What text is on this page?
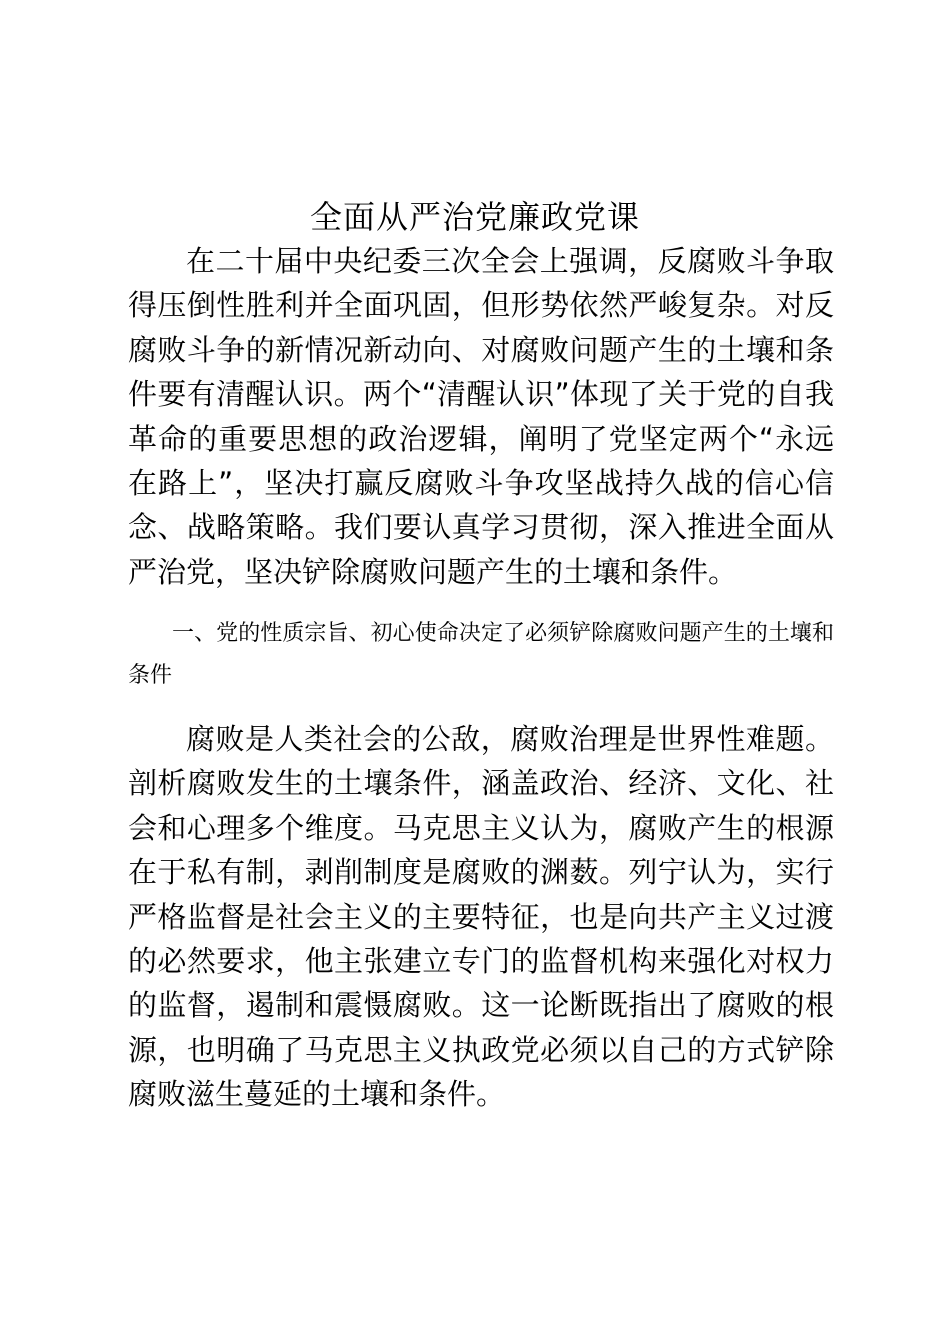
全面从严治党廉政党课

在二十届中央纪委三次全会上强调，反腐败斗争取得压倒性胜利并全面巩固，但形势依然严峻复杂。对反腐败斗争的新情况新动向、对腐败问题产生的土壤和条件要有清醒认识。两个“清醒认识”体现了关于党的自我革命的重要思想的政治逻辑，阐明了党坚定两个“永远在路上”，坚决打赢反腐败斗争攻坚战持久战的信心信念、战略策略。我们要认真学习贯彻，深入推进全面从严治党，坚决铲除腐败问题产生的土壤和条件。

一、党的性质宗旨、初心使命决定了必须铲除腐败问题产生的土壤和条件

腐败是人类社会的公敌，腐败治理是世界性难题。剖析腐败发生的土壤条件，涵盖政治、经济、文化、社会和心理多个维度。马克思主义认为，腐败产生的根源在于私有制，剥削制度是腐败的渊薮。列宁认为，实行严格监督是社会主义的主要特征，也是向共产主义过渡的必然要求，他主张建立专门的监督机构来强化对权力的监督，遏制和震慑腐败。这一论断既指出了腐败的根源，也明确了马克思主义执政党必须以自己的方式铲除腐败滋生蔓延的土壤和条件。
